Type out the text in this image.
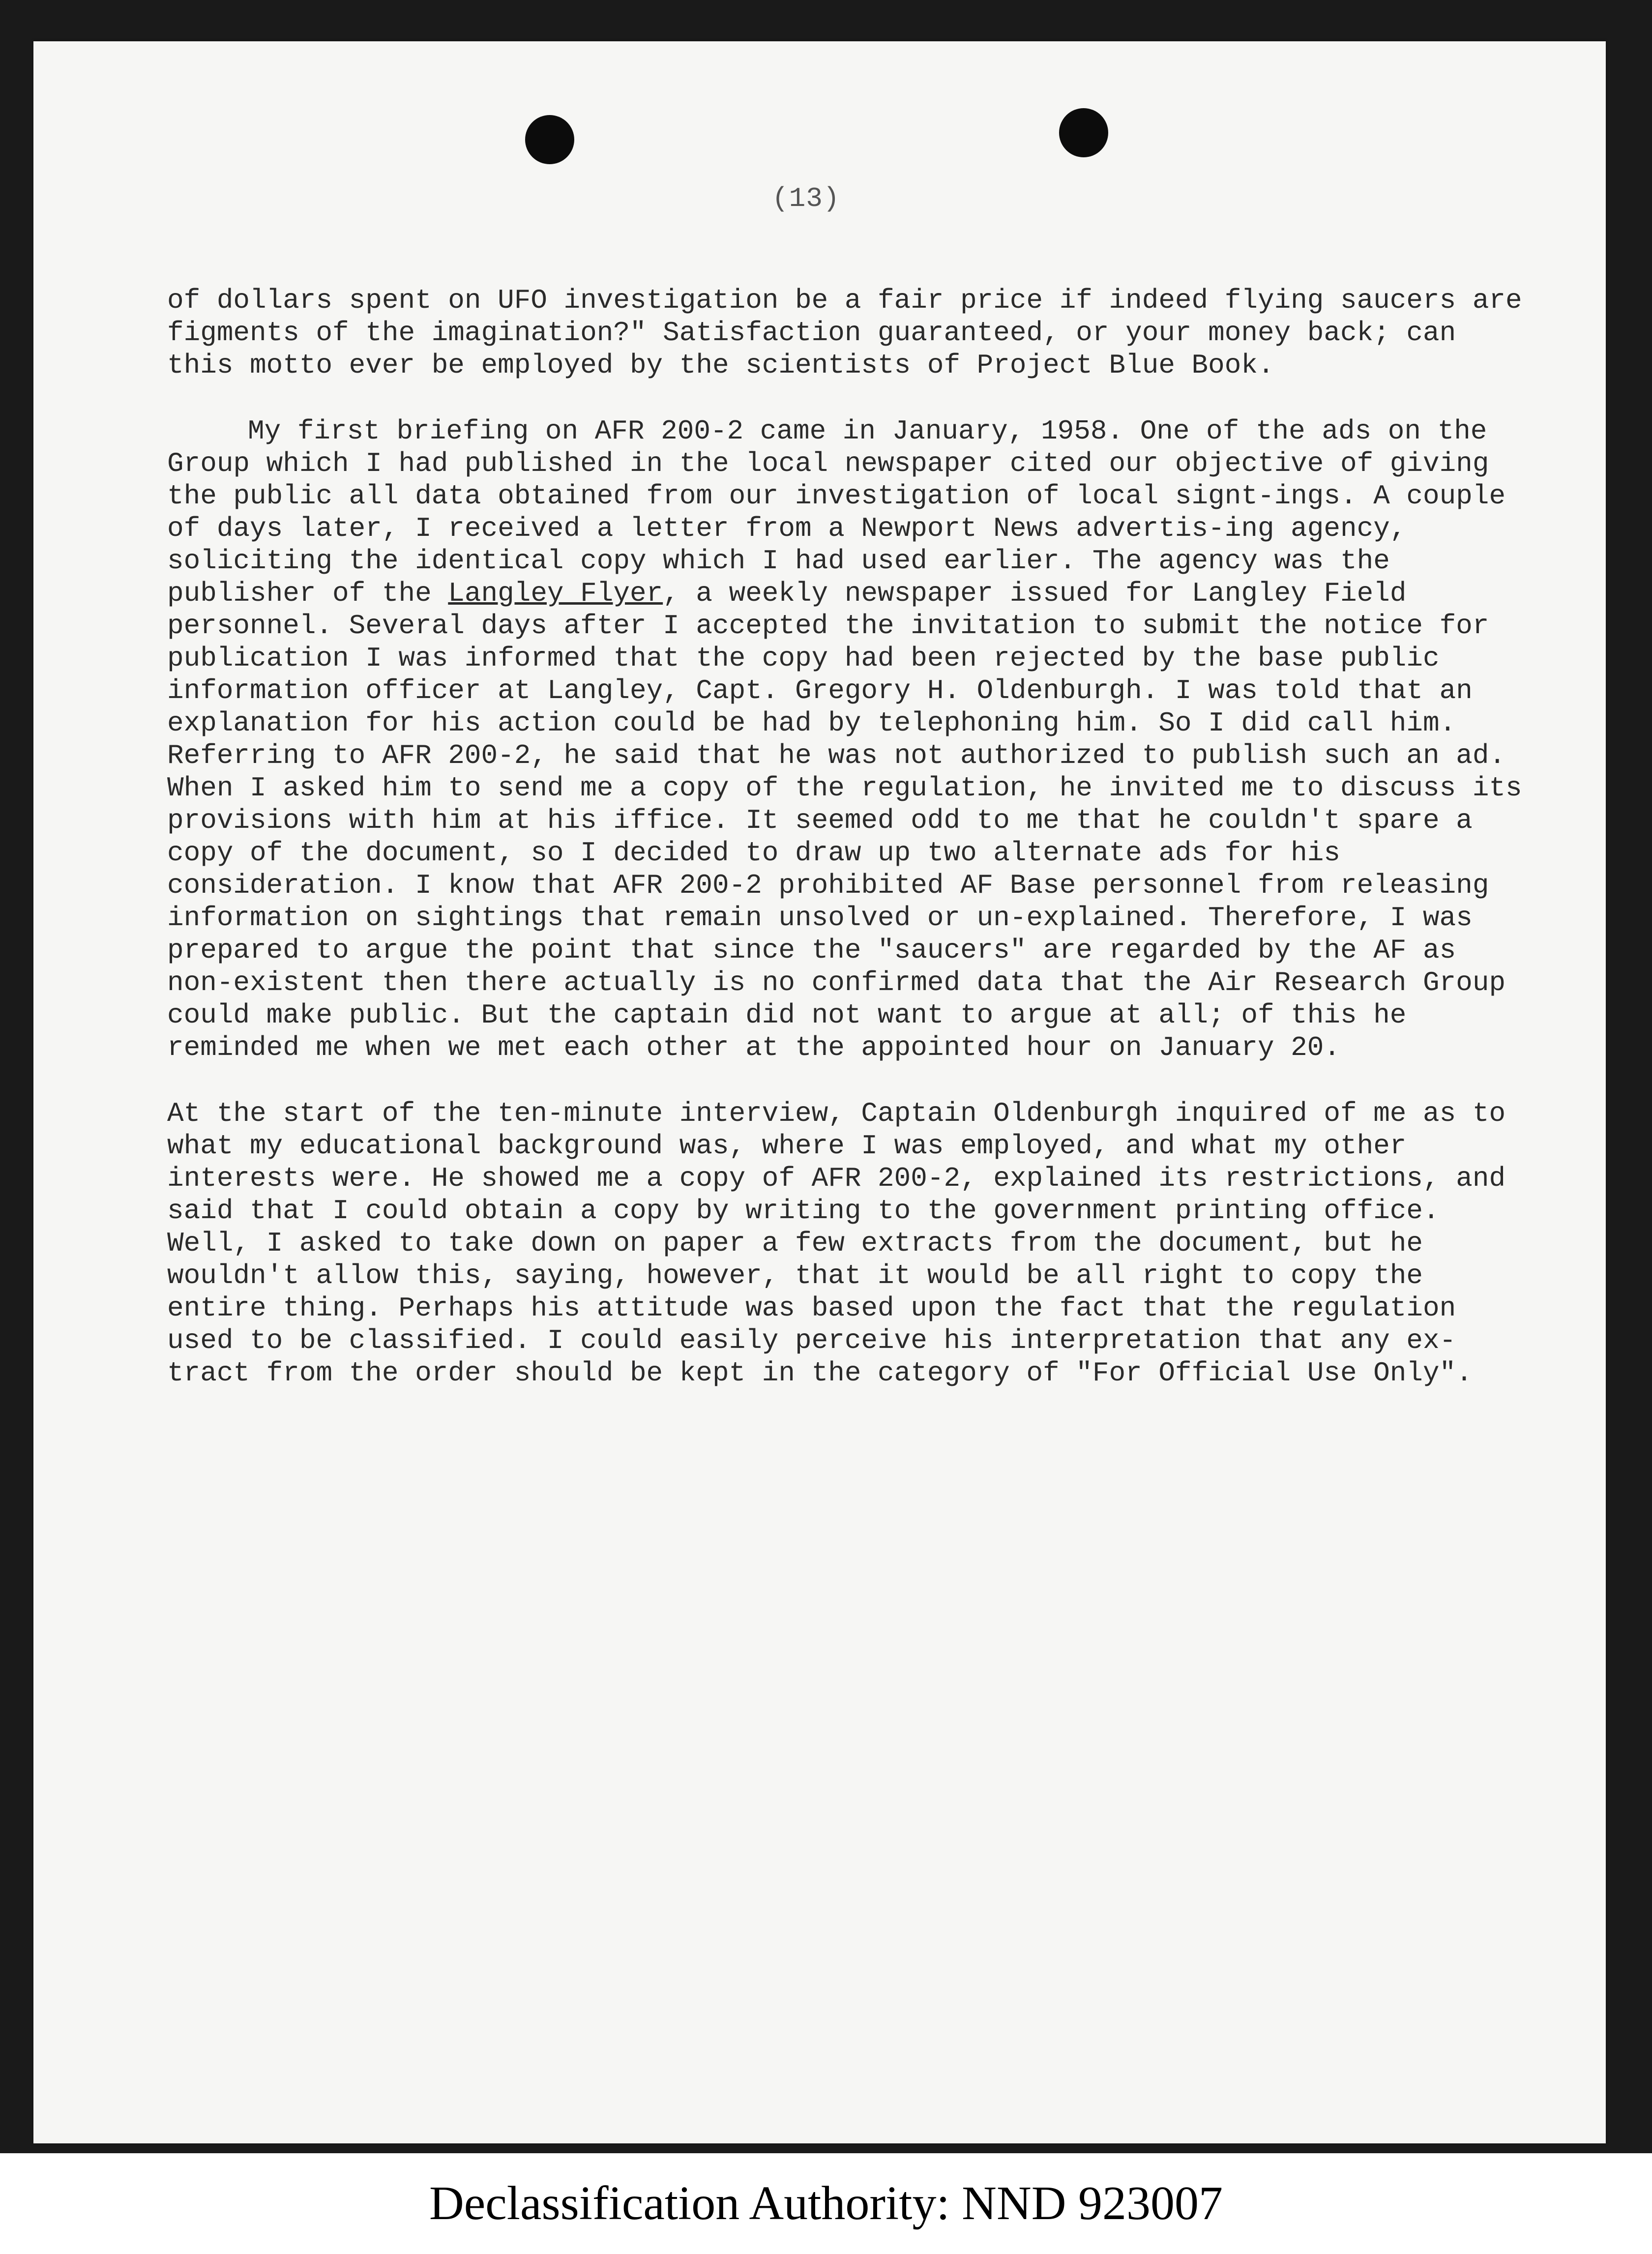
(13)

of dollars spent on UFO investigation be a fair price if indeed flying saucers are figments of the imagination?" Satisfaction guaranteed, or your money back; can this motto ever be employed by the scientists of Project Blue Book.

My first briefing on AFR 200-2 came in January, 1958. One of the ads on the Group which I had published in the local newspaper cited our objective of giving the public all data obtained from our investigation of local signt-ings. A couple of days later, I received a letter from a Newport News advertis-ing agency, soliciting the identical copy which I had used earlier. The agency was the publisher of the Langley Flyer, a weekly newspaper issued for Langley Field personnel. Several days after I accepted the invitation to submit the notice for publication I was informed that the copy had been rejected by the base public information officer at Langley, Capt. Gregory H. Oldenburgh. I was told that an explanation for his action could be had by telephoning him. So I did call him. Referring to AFR 200-2, he said that he was not authorized to publish such an ad. When I asked him to send me a copy of the regulation, he invited me to discuss its provisions with him at his iffice. It seemed odd to me that he couldn't spare a copy of the document, so I decided to draw up two alternate ads for his consideration. I know that AFR 200-2 prohibited AF Base personnel from releasing information on sightings that remain unsolved or un-explained. Therefore, I was prepared to argue the point that since the "saucers" are regarded by the AF as non-existent then there actually is no confirmed data that the Air Research Group could make public. But the captain did not want to argue at all; of this he reminded me when we met each other at the appointed hour on January 20.

At the start of the ten-minute interview, Captain Oldenburgh inquired of me as to what my educational background was, where I was employed, and what my other interests were. He showed me a copy of AFR 200-2, explained its restrictions, and said that I could obtain a copy by writing to the government printing office. Well, I asked to take down on paper a few extracts from the document, but he wouldn't allow this, saying, however, that it would be all right to copy the entire thing. Perhaps his attitude was based upon the fact that the regulation used to be classified. I could easily perceive his interpretation that any ex-tract from the order should be kept in the category of "For Official Use Only".

Declassification Authority: NND 923007
